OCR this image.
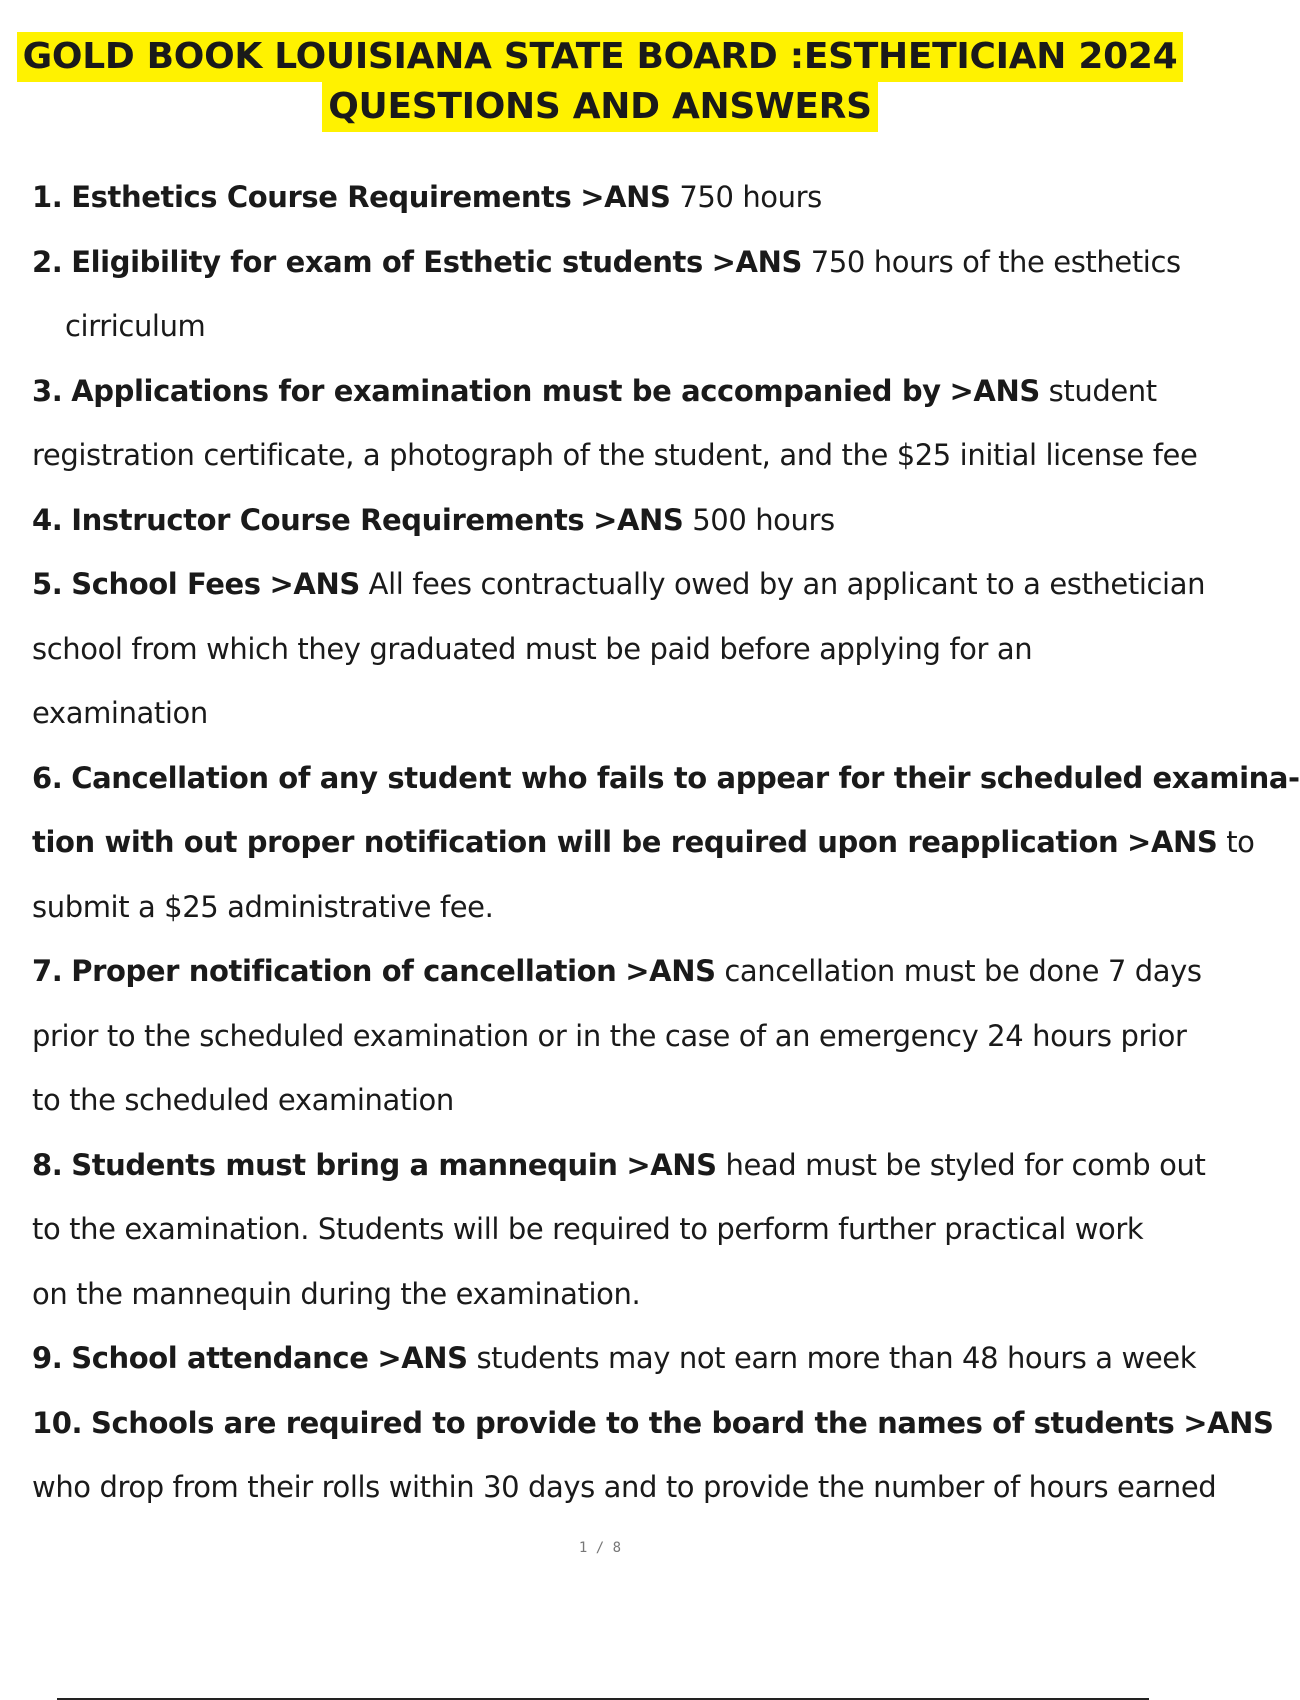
GOLD BOOK LOUISIANA STATE BOARD :ESTHETICIAN 2024
QUESTIONS AND ANSWERS
1. Esthetics Course Requirements >ANS 750 hours
2. Eligibility for exam of Esthetic students >ANS 750 hours of the esthetics
cirriculum
3. Applications for examination must be accompanied by >ANS student
registration certificate, a photograph of the student, and the $25 initial license fee
4. Instructor Course Requirements >ANS 500 hours
5. School Fees >ANS All fees contractually owed by an applicant to a esthetician
school from which they graduated must be paid before applying for an
examination
6. Cancellation of any student who fails to appear for their scheduled examina-
tion with out proper notification will be required upon reapplication >ANS to
submit a $25 administrative fee.
7. Proper notification of cancellation >ANS cancellation must be done 7 days
prior to the scheduled examination or in the case of an emergency 24 hours prior
to the scheduled examination
8. Students must bring a mannequin >ANS head must be styled for comb out
to the examination. Students will be required to perform further practical work
on the mannequin during the examination.
9. School attendance >ANS students may not earn more than 48 hours a week
10. Schools are required to provide to the board the names of students >ANS
who drop from their rolls within 30 days and to provide the number of hours earned
1 / 8
